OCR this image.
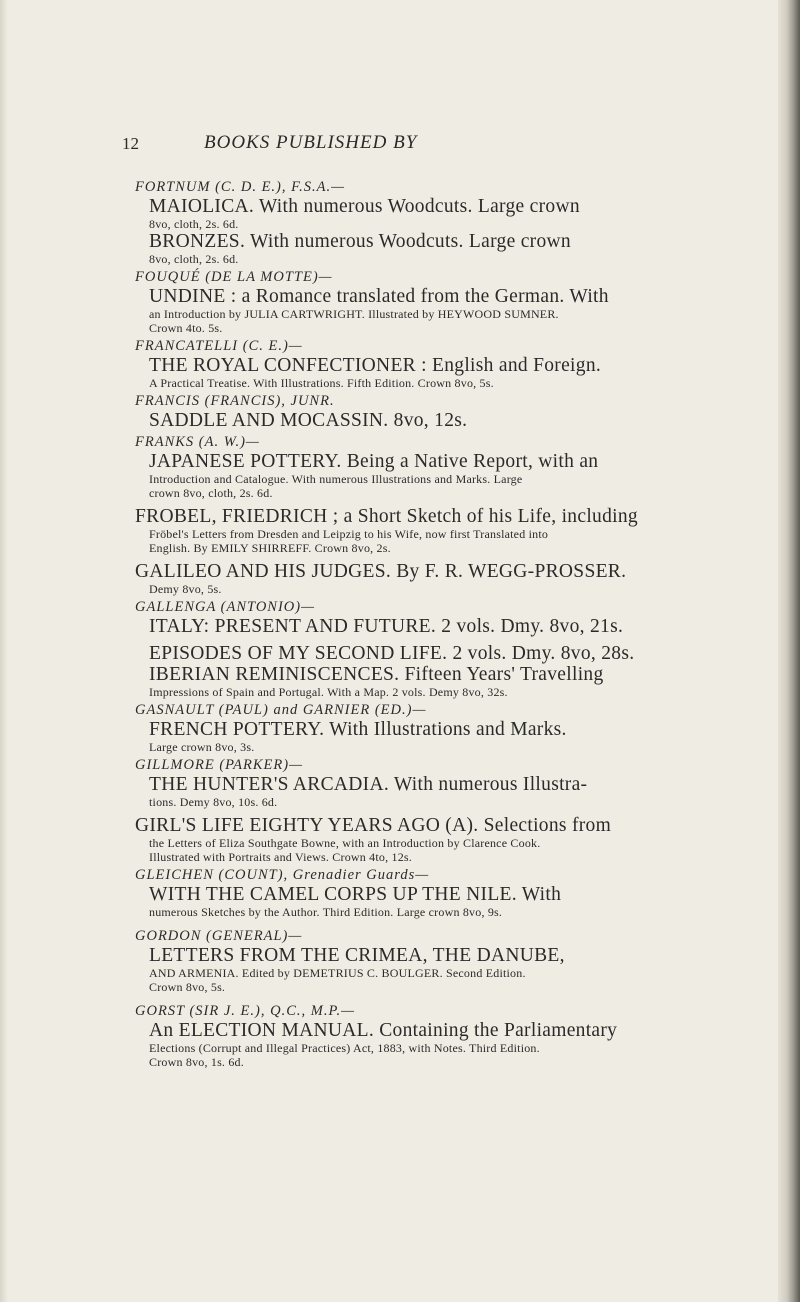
12	BOOKS PUBLISHED BY
FORTNUM (C. D. E.), F.S.A.—
MAIOLICA. With numerous Woodcuts. Large crown
8vo, cloth, 2s. 6d.
BRONZES. With numerous Woodcuts. Large crown
8vo, cloth, 2s. 6d.
FOUQUÉ (DE LA MOTTE)—
UNDINE : a Romance translated from the German. With
an Introduction by JULIA CARTWRIGHT. Illustrated by HEYWOOD SUMNER.
Crown 4to. 5s.
FRANCATELLI (C. E.)—
THE ROYAL CONFECTIONER : English and Foreign.
A Practical Treatise. With Illustrations. Fifth Edition. Crown 8vo, 5s.
FRANCIS (FRANCIS), JUNR.
SADDLE AND MOCASSIN. 8vo, 12s.
FRANKS (A. W.)—
JAPANESE POTTERY. Being a Native Report, with an
Introduction and Catalogue. With numerous Illustrations and Marks. Large
crown 8vo, cloth, 2s. 6d.
FROBEL, FRIEDRICH ; a Short Sketch of his Life, including
Fröbel's Letters from Dresden and Leipzig to his Wife, now first Translated into
English. By EMILY SHIRREFF. Crown 8vo, 2s.
GALILEO AND HIS JUDGES. By F. R. WEGG-PROSSER.
Demy 8vo, 5s.
GALLENGA (ANTONIO)—
ITALY: PRESENT AND FUTURE. 2 vols. Dmy. 8vo, 21s.
EPISODES OF MY SECOND LIFE. 2 vols. Dmy. 8vo, 28s.
IBERIAN REMINISCENCES. Fifteen Years' Travelling
Impressions of Spain and Portugal. With a Map. 2 vols. Demy 8vo, 32s.
GASNAULT (PAUL) and GARNIER (ED.)—
FRENCH POTTERY. With Illustrations and Marks.
Large crown 8vo, 3s.
GILLMORE (PARKER)—
THE HUNTER'S ARCADIA. With numerous Illustra-
tions. Demy 8vo, 10s. 6d.
GIRL'S LIFE EIGHTY YEARS AGO (A). Selections from
the Letters of Eliza Southgate Bowne, with an Introduction by Clarence Cook.
Illustrated with Portraits and Views. Crown 4to, 12s.
GLEICHEN (COUNT), Grenadier Guards—
WITH THE CAMEL CORPS UP THE NILE. With
numerous Sketches by the Author. Third Edition. Large crown 8vo, 9s.
GORDON (GENERAL)—
LETTERS FROM THE CRIMEA, THE DANUBE,
AND ARMENIA. Edited by DEMETRIUS C. BOULGER. Second Edition.
Crown 8vo, 5s.
GORST (SIR J. E.), Q.C., M.P.—
An ELECTION MANUAL. Containing the Parliamentary
Elections (Corrupt and Illegal Practices) Act, 1883, with Notes. Third Edition.
Crown 8vo, 1s. 6d.
